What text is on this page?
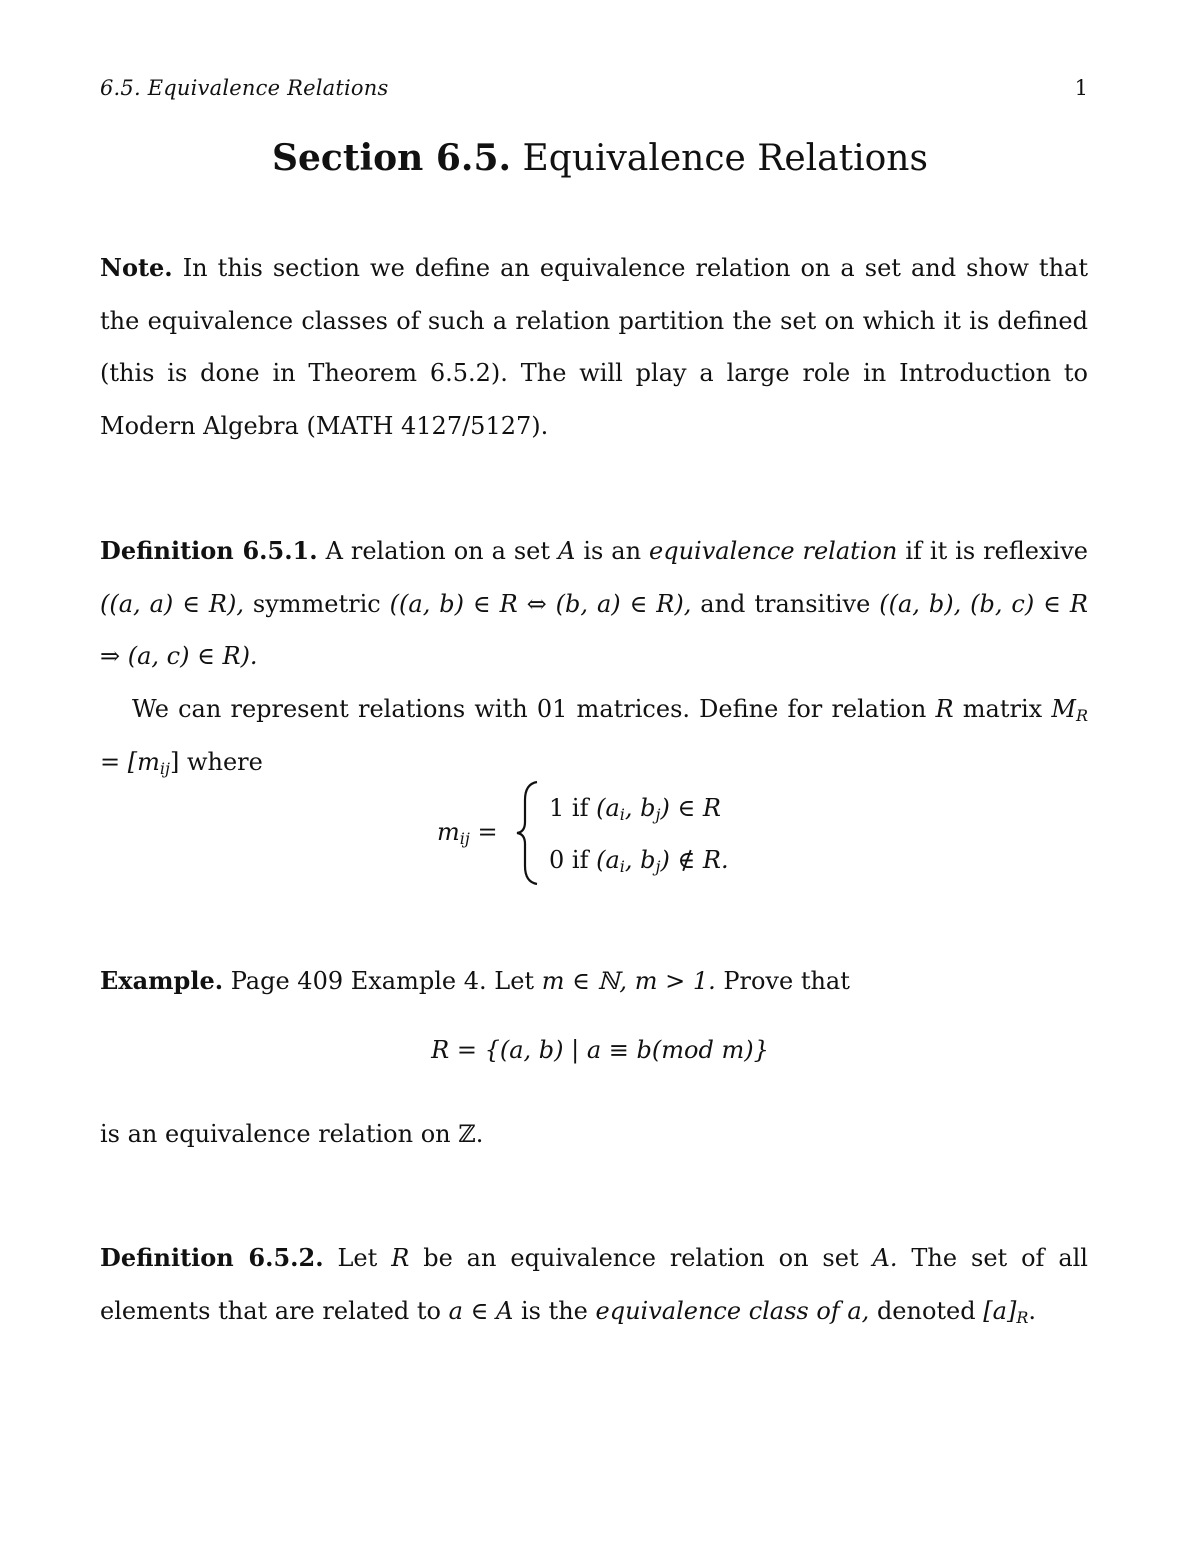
6.5. Equivalence Relations	1
Section 6.5. Equivalence Relations
Note. In this section we define an equivalence relation on a set and show that the equivalence classes of such a relation partition the set on which it is defined (this is done in Theorem 6.5.2). The will play a large role in Introduction to Modern Algebra (MATH 4127/5127).
Definition 6.5.1. A relation on a set A is an equivalence relation if it is reflexive ((a, a) ∈ R), symmetric ((a, b) ∈ R ⇔ (b, a) ∈ R), and transitive ((a, b), (b, c) ∈ R ⇒ (a, c) ∈ R).
We can represent relations with 01 matrices. Define for relation R matrix $M_R = [m_{ij}]$ where
$m_{ij}$ =
1 if ($a_i$, $b_j$) ∈ R
0 if ($a_i$, $b_j$) ∉ R.
Example. Page 409 Example 4. Let m ∈ ℕ, m > 1. Prove that
R = {(a, b) | a ≡ b(mod m)}
is an equivalence relation on ℤ.
Definition 6.5.2. Let R be an equivalence relation on set A. The set of all elements that are related to a ∈ A is the equivalence class of a, denoted $[a]_R$.
